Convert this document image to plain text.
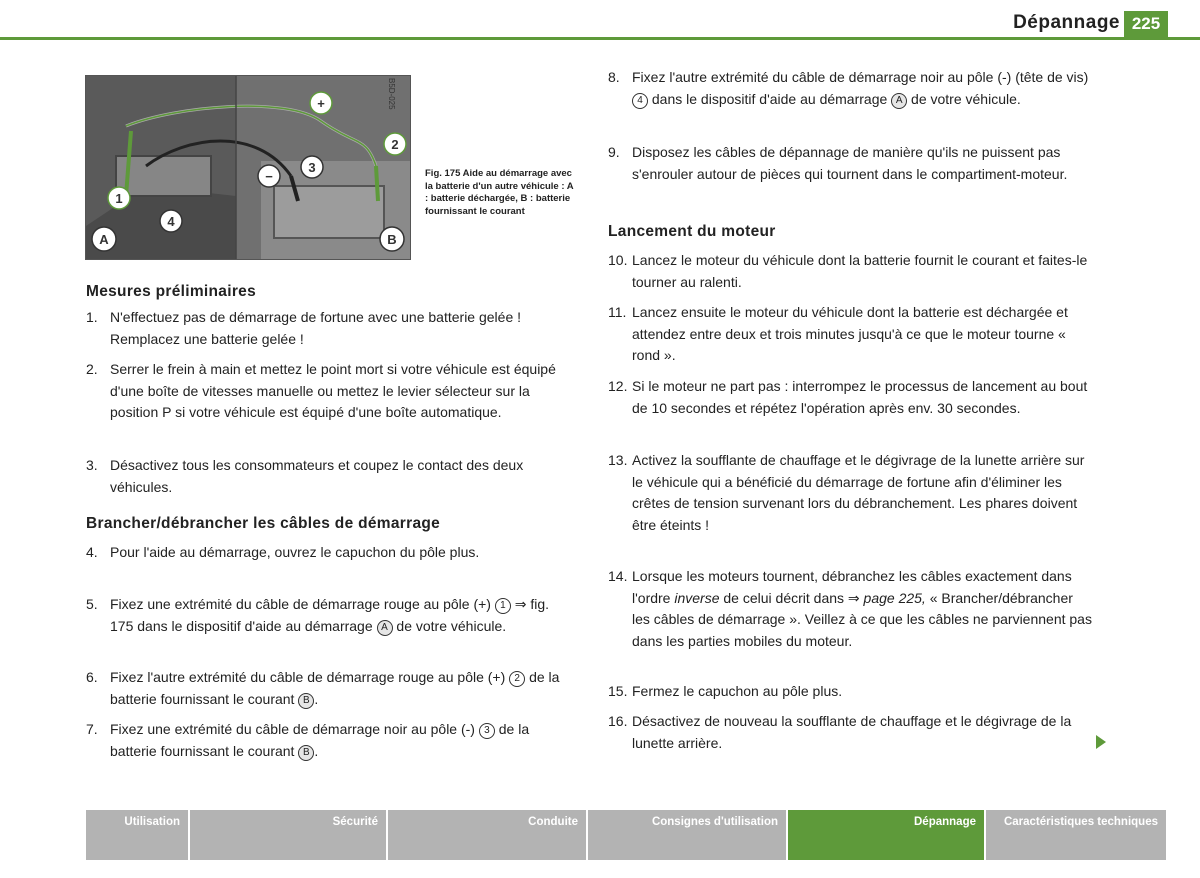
Dépannage 225
+
−
1
2
3
4
A	B
B5D-025
Fig. 175 Aide au démarrage avec la batterie d'un autre véhicule : A : batterie déchargée, B : batterie fournissant le courant
Mesures préliminaires
1. N'effectuez pas de démarrage de fortune avec une batterie gelée ! Remplacez une batterie gelée !
2. Serrer le frein à main et mettez le point mort si votre véhicule est équipé d'une boîte de vitesses manuelle ou mettez le levier sélecteur sur la position P si votre véhicule est équipé d'une boîte automatique.
3. Désactivez tous les consommateurs et coupez le contact des deux véhicules.
Brancher/débrancher les câbles de démarrage
4. Pour l'aide au démarrage, ouvrez le capuchon du pôle plus.
5. Fixez une extrémité du câble de démarrage rouge au pôle (+) 1 ⇒ fig. 175 dans le dispositif d'aide au démarrage A de votre véhicule.
6. Fixez l'autre extrémité du câble de démarrage rouge au pôle (+) 2 de la batterie fournissant le courant B .
7. Fixez une extrémité du câble de démarrage noir au pôle (-) 3 de la batterie fournissant le courant B .
8. Fixez l'autre extrémité du câble de démarrage noir au pôle (-) (tête de vis) 4 dans le dispositif d'aide au démarrage A de votre véhicule.
9. Disposez les câbles de dépannage de manière qu'ils ne puissent pas s'enrouler autour de pièces qui tournent dans le compartiment-moteur.
Lancement du moteur
10. Lancez le moteur du véhicule dont la batterie fournit le courant et faites-le tourner au ralenti.
11. Lancez ensuite le moteur du véhicule dont la batterie est déchargée et attendez entre deux et trois minutes jusqu'à ce que le moteur tourne « rond ».
12. Si le moteur ne part pas : interrompez le processus de lancement au bout de 10 secondes et répétez l'opération après env. 30 secondes.
13. Activez la soufflante de chauffage et le dégivrage de la lunette arrière sur le véhicule qui a bénéficié du démarrage de fortune afin d'éliminer les crêtes de tension survenant lors du débranchement. Les phares doivent être éteints !
14. Lorsque les moteurs tournent, débranchez les câbles exactement dans l'ordre inverse de celui décrit dans ⇒ page 225, « Brancher/débrancher les câbles de démarrage ». Veillez à ce que les câbles ne parviennent pas dans les parties mobiles du moteur.
15. Fermez le capuchon au pôle plus.
16. Désactivez de nouveau la soufflante de chauffage et le dégivrage de la lunette arrière.
Utilisation	Sécurité	Conduite	Consignes d'utilisation	Dépannage	Caractéristiques techniques
